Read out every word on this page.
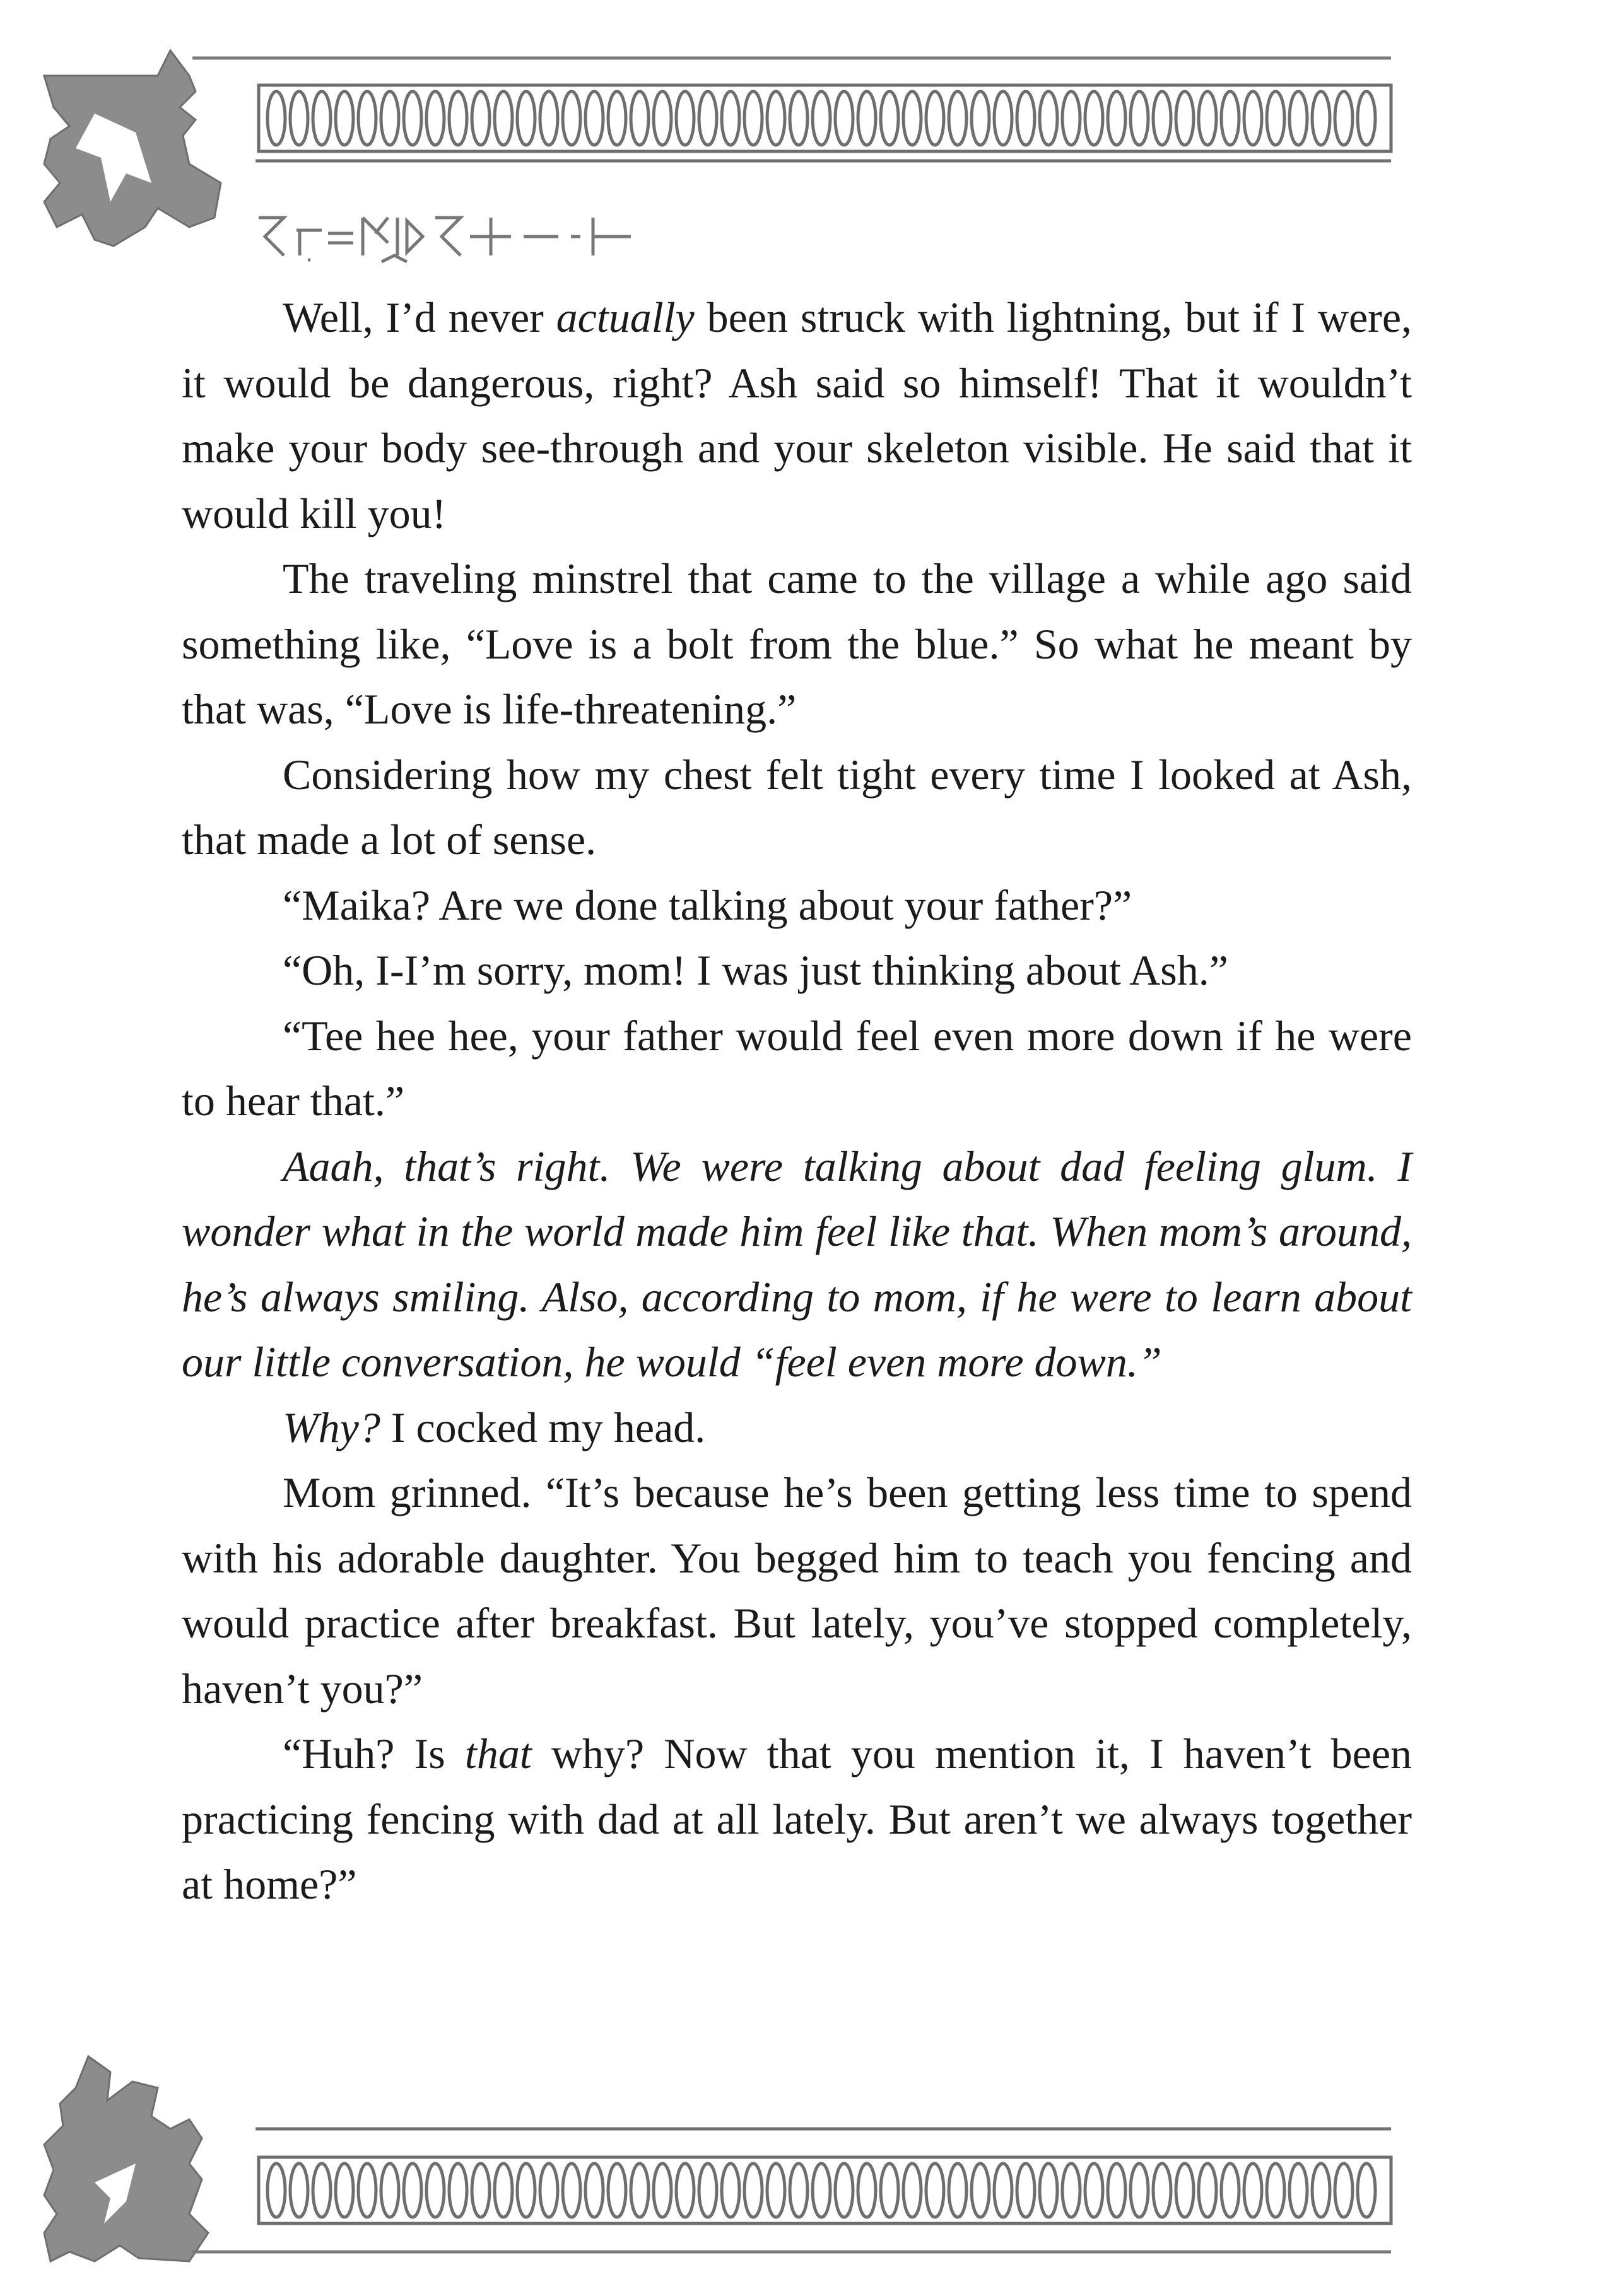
Well, I’d never actually been struck with lightning, but if I were, it would be dangerous, right? Ash said so himself! That it wouldn’t make your body see-through and your skeleton visible. He said that it would kill you!

The traveling minstrel that came to the village a while ago said something like, “Love is a bolt from the blue.” So what he meant by that was, “Love is life-threatening.”

Considering how my chest felt tight every time I looked at Ash, that made a lot of sense.

“Maika? Are we done talking about your father?”

“Oh, I-I’m sorry, mom! I was just thinking about Ash.”

“Tee hee hee, your father would feel even more down if he were to hear that.”

Aaah, that’s right. We were talking about dad feeling glum. I wonder what in the world made him feel like that. When mom’s around, he’s always smiling. Also, according to mom, if he were to learn about our little conversation, he would “feel even more down.”

Why? I cocked my head.

Mom grinned. “It’s because he’s been getting less time to spend with his adorable daughter. You begged him to teach you fencing and would practice after breakfast. But lately, you’ve stopped completely, haven’t you?”

“Huh? Is that why? Now that you mention it, I haven’t been practicing fencing with dad at all lately. But aren’t we always together at home?”
